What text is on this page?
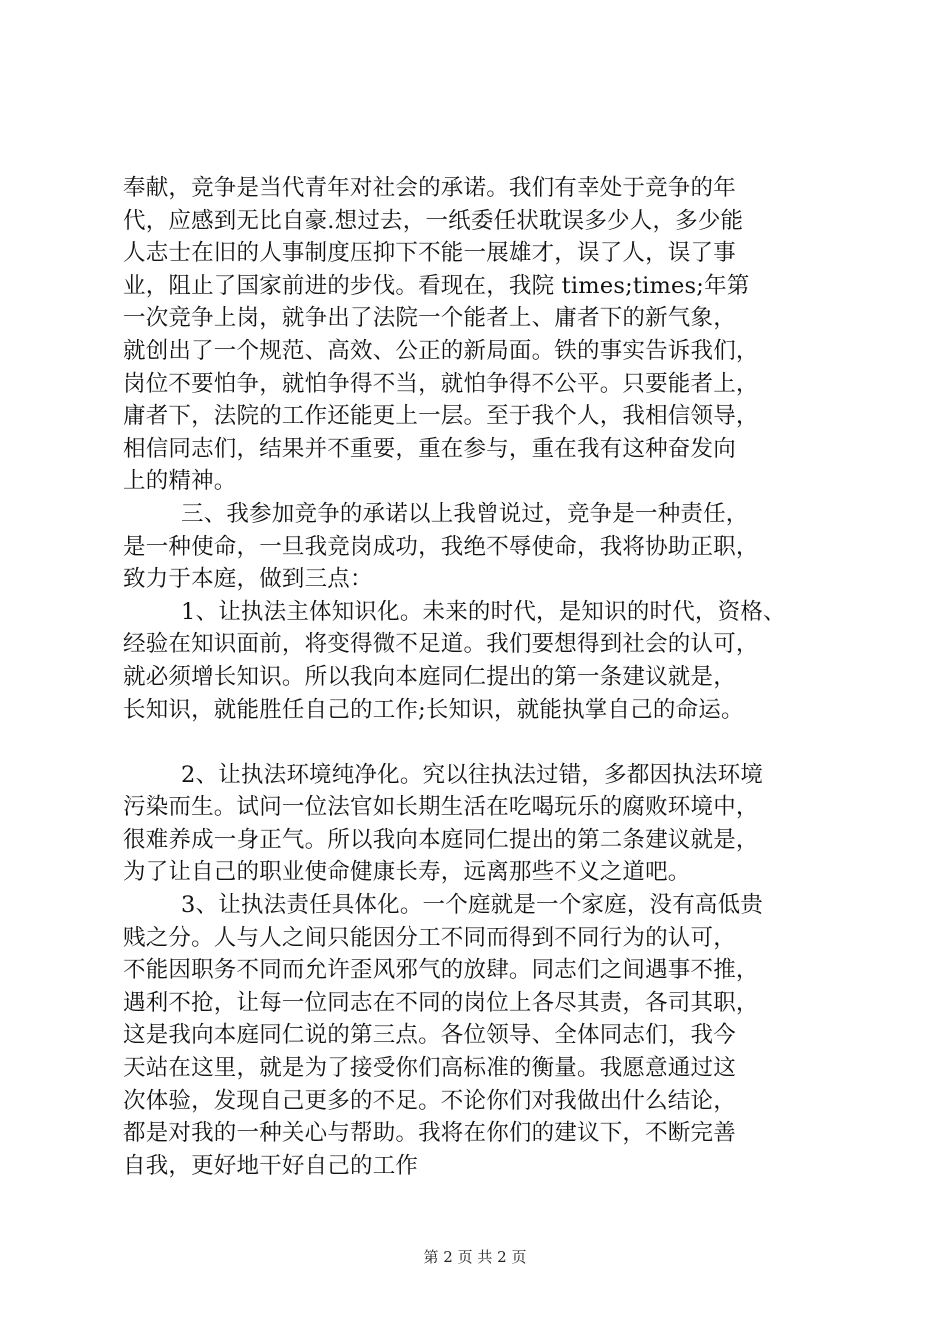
奉献，竞争是当代青年对社会的承诺。我们有幸处于竞争的年
代，应感到无比自豪.想过去，一纸委任状耽误多少人，多少能
人志士在旧的人事制度压抑下不能一展雄才，误了人，误了事
业，阻止了国家前进的步伐。看现在，我院 times;times;年第
一次竞争上岗，就争出了法院一个能者上、庸者下的新气象，
就创出了一个规范、高效、公正的新局面。铁的事实告诉我们，
岗位不要怕争，就怕争得不当，就怕争得不公平。只要能者上，
庸者下，法院的工作还能更上一层。至于我个人，我相信领导，
相信同志们，结果并不重要，重在参与，重在我有这种奋发向
上的精神。
三、我参加竞争的承诺以上我曾说过，竞争是一种责任，
是一种使命，一旦我竞岗成功，我绝不辱使命，我将协助正职，
致力于本庭，做到三点：
1、让执法主体知识化。未来的时代，是知识的时代，资格、
经验在知识面前，将变得微不足道。我们要想得到社会的认可，
就必须增长知识。所以我向本庭同仁提出的第一条建议就是，
长知识，就能胜任自己的工作;长知识，就能执掌自己的命运。
2、让执法环境纯净化。究以往执法过错，多都因执法环境
污染而生。试问一位法官如长期生活在吃喝玩乐的腐败环境中，
很难养成一身正气。所以我向本庭同仁提出的第二条建议就是，
为了让自己的职业使命健康长寿，远离那些不义之道吧。
3、让执法责任具体化。一个庭就是一个家庭，没有高低贵
贱之分。人与人之间只能因分工不同而得到不同行为的认可，
不能因职务不同而允许歪风邪气的放肆。同志们之间遇事不推，
遇利不抢，让每一位同志在不同的岗位上各尽其责，各司其职，
这是我向本庭同仁说的第三点。各位领导、全体同志们，我今
天站在这里，就是为了接受你们高标准的衡量。我愿意通过这
次体验，发现自己更多的不足。不论你们对我做出什么结论，
都是对我的一种关心与帮助。我将在你们的建议下，不断完善
自我，更好地干好自己的工作
第 2 页 共 2 页
